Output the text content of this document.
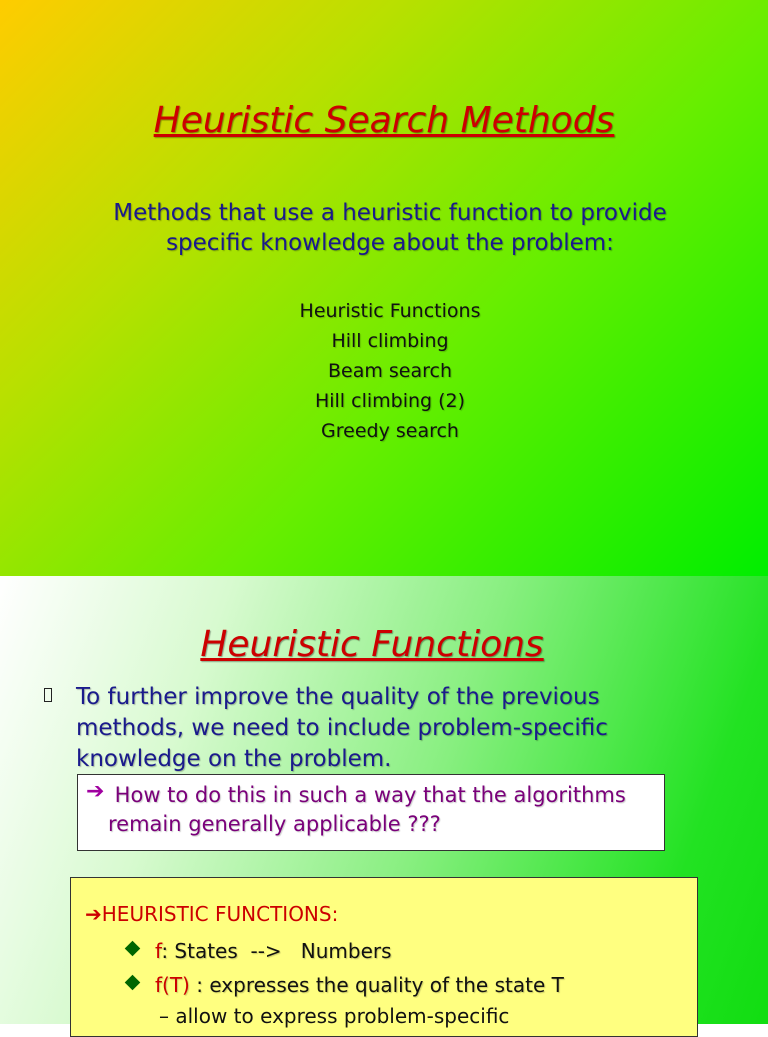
Heuristic Search Methods
Methods that use a heuristic function to provide
specific knowledge about the problem:
Heuristic Functions
Hill climbing
Beam search
Hill climbing (2)
Greedy search
Heuristic Functions
To further improve the quality of the previous
methods, we need to include problem-specific
knowledge on the problem.
➔ How to do this in such a way that the algorithms
remain generally applicable ???
➔HEURISTIC FUNCTIONS:
f: States  -->   Numbers
f(T) : expresses the quality of the state T
– allow to express problem-specific
